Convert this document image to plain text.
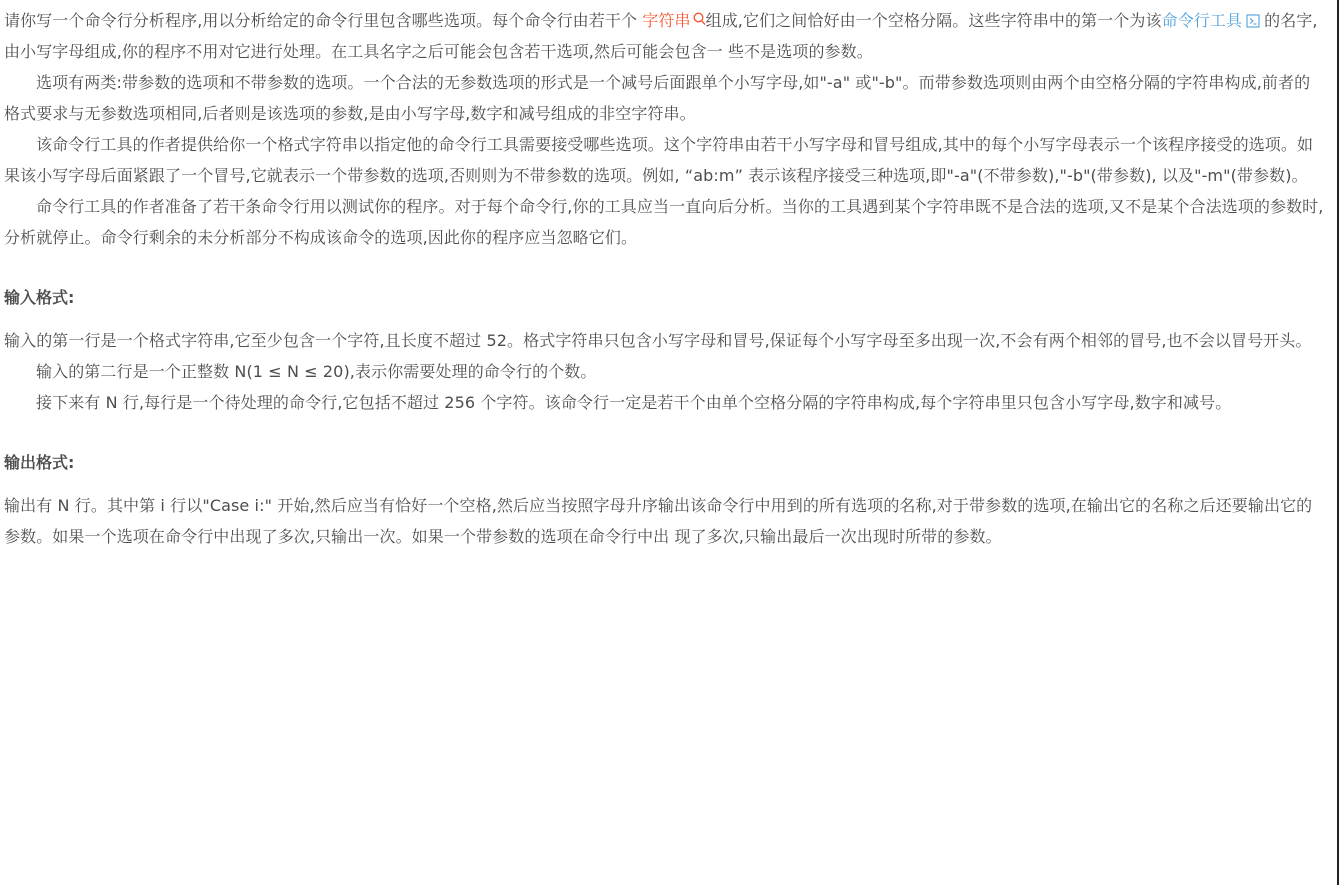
请你写一个命令行分析程序,用以分析给定的命令行里包含哪些选项。每个命令行由若干个 字符串 组成,它们之间恰好由一个空格分隔。这些字符串中的第一个为该命令行工具 的名字,由小写字母组成,你的程序不用对它进行处理。在工具名字之后可能会包含若干选项,然后可能会包含一 些不是选项的参数。

选项有两类:带参数的选项和不带参数的选项。一个合法的无参数选项的形式是一个减号后面跟单个小写字母,如"-a" 或"-b"。而带参数选项则由两个由空格分隔的字符串构成,前者的格式要求与无参数选项相同,后者则是该选项的参数,是由小写字母,数字和减号组成的非空字符串。

该命令行工具的作者提供给你一个格式字符串以指定他的命令行工具需要接受哪些选项。这个字符串由若干小写字母和冒号组成,其中的每个小写字母表示一个该程序接受的选项。如果该小写字母后面紧跟了一个冒号,它就表示一个带参数的选项,否则则为不带参数的选项。例如, “ab:m” 表示该程序接受三种选项,即"-a"(不带参数),"-b"(带参数), 以及"-m"(带参数)。

命令行工具的作者准备了若干条命令行用以测试你的程序。对于每个命令行,你的工具应当一直向后分析。当你的工具遇到某个字符串既不是合法的选项,又不是某个合法选项的参数时,分析就停止。命令行剩余的未分析部分不构成该命令的选项,因此你的程序应当忽略它们。

输入格式:

输入的第一行是一个格式字符串,它至少包含一个字符,且长度不超过 52。格式字符串只包含小写字母和冒号,保证每个小写字母至多出现一次,不会有两个相邻的冒号,也不会以冒号开头。

输入的第二行是一个正整数 N(1 ≤ N ≤ 20),表示你需要处理的命令行的个数。

接下来有 N 行,每行是一个待处理的命令行,它包括不超过 256 个字符。该命令行一定是若干个由单个空格分隔的字符串构成,每个字符串里只包含小写字母,数字和减号。

输出格式:

输出有 N 行。其中第 i 行以"Case i:" 开始,然后应当有恰好一个空格,然后应当按照字母升序输出该命令行中用到的所有选项的名称,对于带参数的选项,在输出它的名称之后还要输出它的参数。如果一个选项在命令行中出现了多次,只输出一次。如果一个带参数的选项在命令行中出 现了多次,只输出最后一次出现时所带的参数。
